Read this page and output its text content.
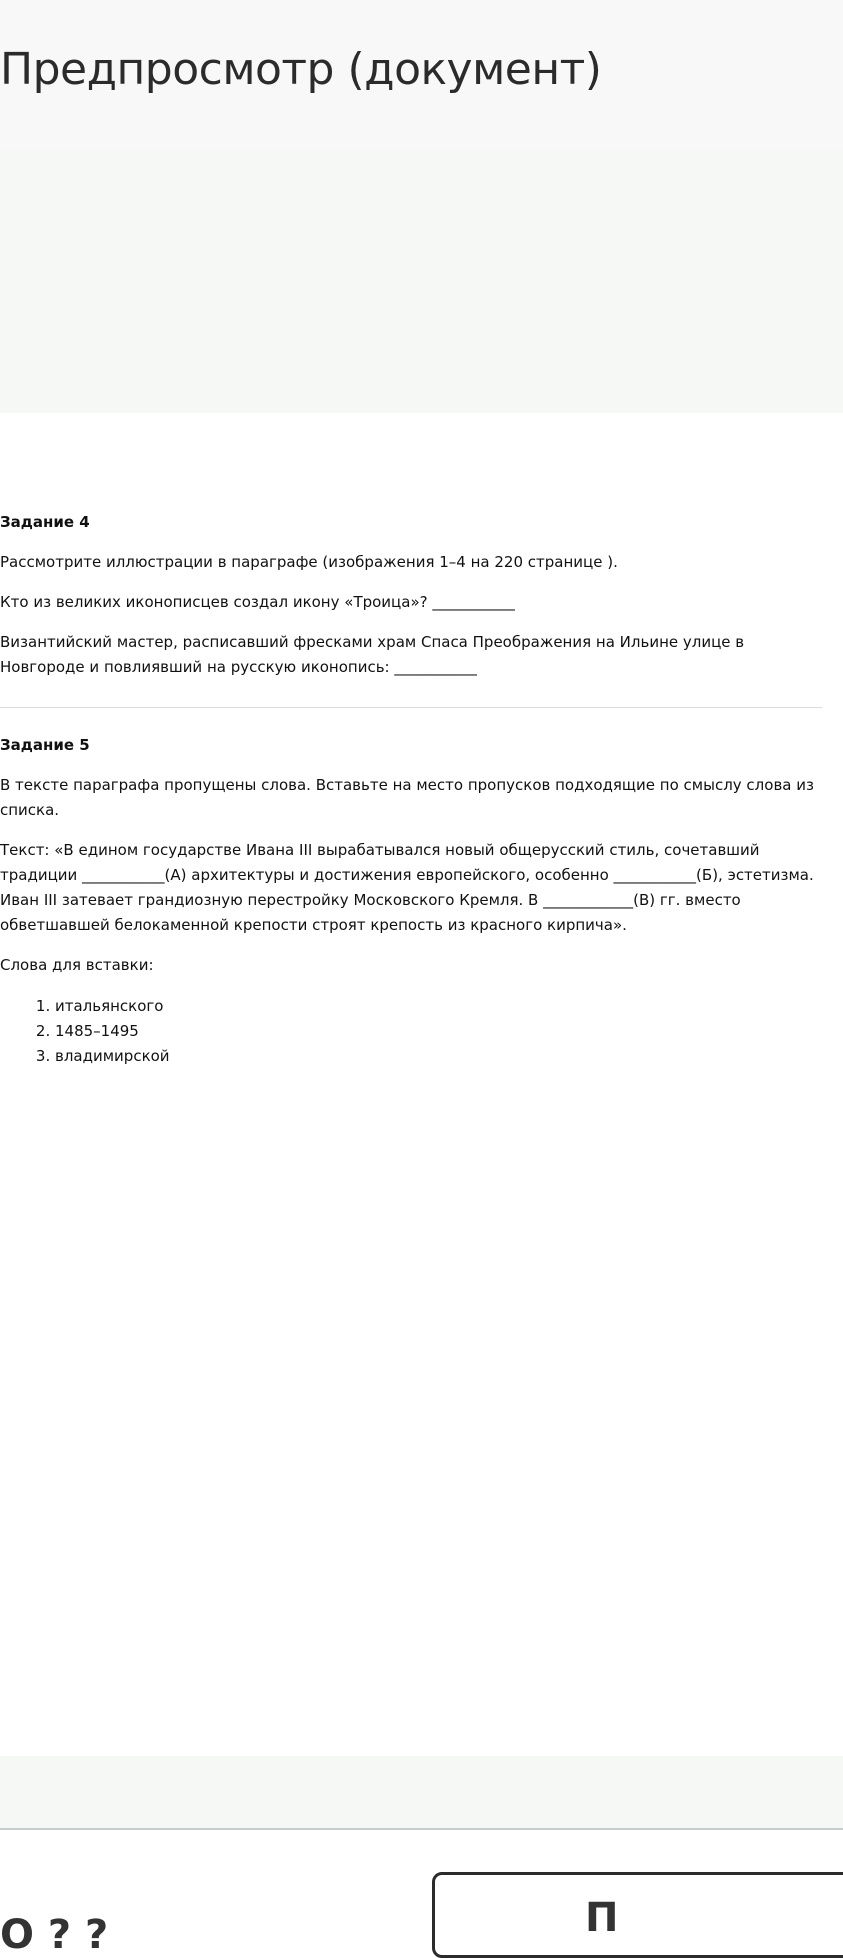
Предпросмотр (документ)

Задание 4

Рассмотрите иллюстрации в параграфе (изображения 1–4 на 220 странице ).

Кто из великих иконописцев создал икону «Троица»? ___________

Византийский мастер, расписавший фресками храм Спаса Преображения на Ильине улице в Новгороде и повлиявший на русскую иконопись: ___________

Задание 5

В тексте параграфа пропущены слова. Вставьте на место пропусков подходящие по смыслу слова из списка.

Текст: «В едином государстве Ивана III вырабатывался новый общерусский стиль, сочетавший традиции ___________(А) архитектуры и достижения европейского, особенно ___________(Б), эстетизма. Иван III затевает грандиозную перестройку Московского Кремля. В ____________(В) гг. вместо обветшавшей белокаменной крепости строят крепость из красного кирпича».

Слова для вставки:

1. итальянского
2. 1485–1495
3. владимирской
О ? ?	П
